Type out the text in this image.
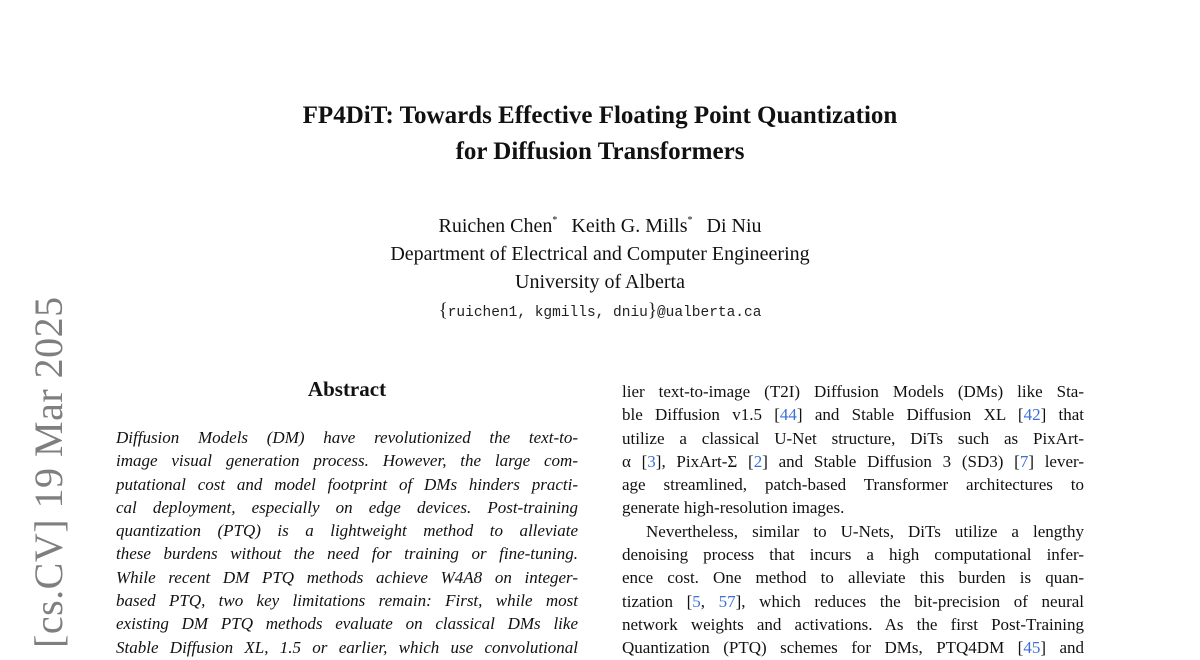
[cs.CV] 19 Mar 2025
FP4DiT: Towards Effective Floating Point Quantization
for Diffusion Transformers
Ruichen Chen* Keith G. Mills* Di Niu
Department of Electrical and Computer Engineering
University of Alberta
{ruichen1, kgmills, dniu}@ualberta.ca
Abstract
Diffusion Models (DM) have revolutionized the text-to-
image visual generation process. However, the large com-
putational cost and model footprint of DMs hinders practi-
cal deployment, especially on edge devices. Post-training
quantization (PTQ) is a lightweight method to alleviate
these burdens without the need for training or fine-tuning.
While recent DM PTQ methods achieve W4A8 on integer-
based PTQ, two key limitations remain: First, while most
existing DM PTQ methods evaluate on classical DMs like
Stable Diffusion XL, 1.5 or earlier, which use convolutional
lier text-to-image (T2I) Diffusion Models (DMs) like Sta-
ble Diffusion v1.5 [44] and Stable Diffusion XL [42] that
utilize a classical U-Net structure, DiTs such as PixArt-
α [3], PixArt-Σ [2] and Stable Diffusion 3 (SD3) [7] lever-
age streamlined, patch-based Transformer architectures to
generate high-resolution images.
Nevertheless, similar to U-Nets, DiTs utilize a lengthy
denoising process that incurs a high computational infer-
ence cost. One method to alleviate this burden is quan-
tization [5, 57], which reduces the bit-precision of neural
network weights and activations. As the first Post-Training
Quantization (PTQ) schemes for DMs, PTQ4DM [45] and
